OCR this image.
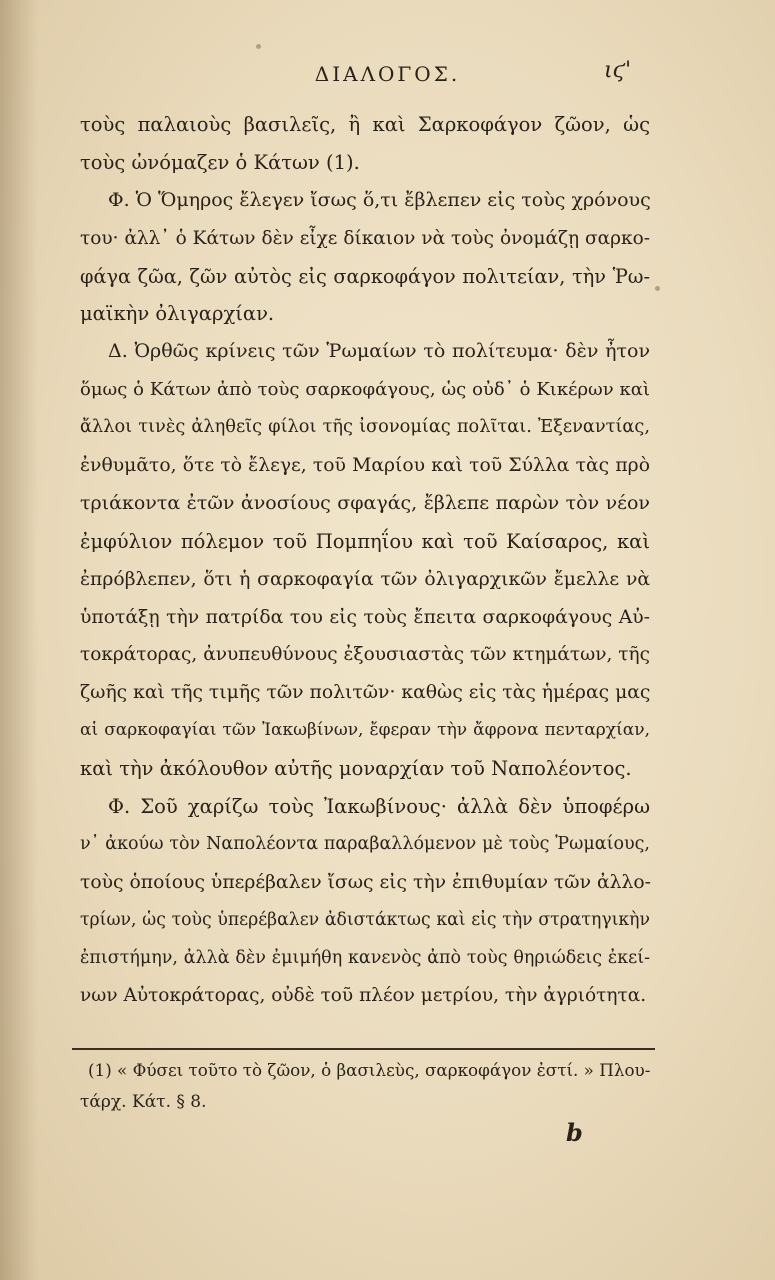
ΔΙΑΛΟΓΟΣ.	ιϛ'
τοὺς παλαιοὺς βασιλεῖς, ἢ καὶ Σαρκοφάγον ζῶον, ὡς
τοὺς ὠνόμαζεν ὁ Κάτων (1).
Φ. Ὁ Ὅμηρος ἔλεγεν ἴσως ὅ,τι ἔβλεπεν εἰς τοὺς χρόνους
του· ἀλλ᾿ ὁ Κάτων δὲν εἶχε δίκαιον νὰ τοὺς ὀνομάζῃ σαρκο-
φάγα ζῶα, ζῶν αὐτὸς εἰς σαρκοφάγον πολιτείαν, τὴν Ῥω-
μαϊκὴν ὀλιγαρχίαν.
Δ. Ὀρθῶς κρίνεις τῶν Ῥωμαίων τὸ πολίτευμα· δὲν ἦτον
ὅμως ὁ Κάτων ἀπὸ τοὺς σαρκοφάγους, ὡς οὐδ᾿ ὁ Κικέρων καὶ
ἄλλοι τινὲς ἀληθεῖς φίλοι τῆς ἰσονομίας πολῖται. Ἐξεναντίας,
ἐνθυμᾶτο, ὅτε τὸ ἔλεγε, τοῦ Μαρίου καὶ τοῦ Σύλλα τὰς πρὸ
τριάκοντα ἐτῶν ἀνοσίους σφαγάς, ἔβλεπε παρὼν τὸν νέον
ἐμφύλιον πόλεμον τοῦ Πομπηΐου καὶ τοῦ Καίσαρος, καὶ
ἐπρόβλεπεν, ὅτι ἡ σαρκοφαγία τῶν ὀλιγαρχικῶν ἔμελλε νὰ
ὑποτάξῃ τὴν πατρίδα του εἰς τοὺς ἔπειτα σαρκοφάγους Αὐ-
τοκράτορας, ἀνυπευθύνους ἐξουσιαστὰς τῶν κτημάτων, τῆς
ζωῆς καὶ τῆς τιμῆς τῶν πολιτῶν· καθὼς εἰς τὰς ἡμέρας μας
αἱ σαρκοφαγίαι τῶν Ἰακωβίνων, ἔφεραν τὴν ἄφρονα πενταρχίαν,
καὶ τὴν ἀκόλουθον αὐτῆς μοναρχίαν τοῦ Ναπολέοντος.
Φ. Σοῦ χαρίζω τοὺς Ἰακωβίνους· ἀλλὰ δὲν ὑποφέρω
ν᾿ ἀκούω τὸν Ναπολέοντα παραβαλλόμενον μὲ τοὺς Ῥωμαίους,
τοὺς ὁποίους ὑπερέβαλεν ἴσως εἰς τὴν ἐπιθυμίαν τῶν ἀλλο-
τρίων, ὡς τοὺς ὑπερέβαλεν ἀδιστάκτως καὶ εἰς τὴν στρατηγικὴν
ἐπιστήμην, ἀλλὰ δὲν ἐμιμήθη κανενὸς ἀπὸ τοὺς θηριώδεις ἐκεί-
νων Αὐτοκράτορας, οὐδὲ τοῦ πλέον μετρίου, τὴν ἀγριότητα.
(1) « Φύσει τοῦτο τὸ ζῶον, ὁ βασιλεὺς, σαρκοφάγον ἐστί. » Πλου-
τάρχ. Κάτ. § 8.
b
